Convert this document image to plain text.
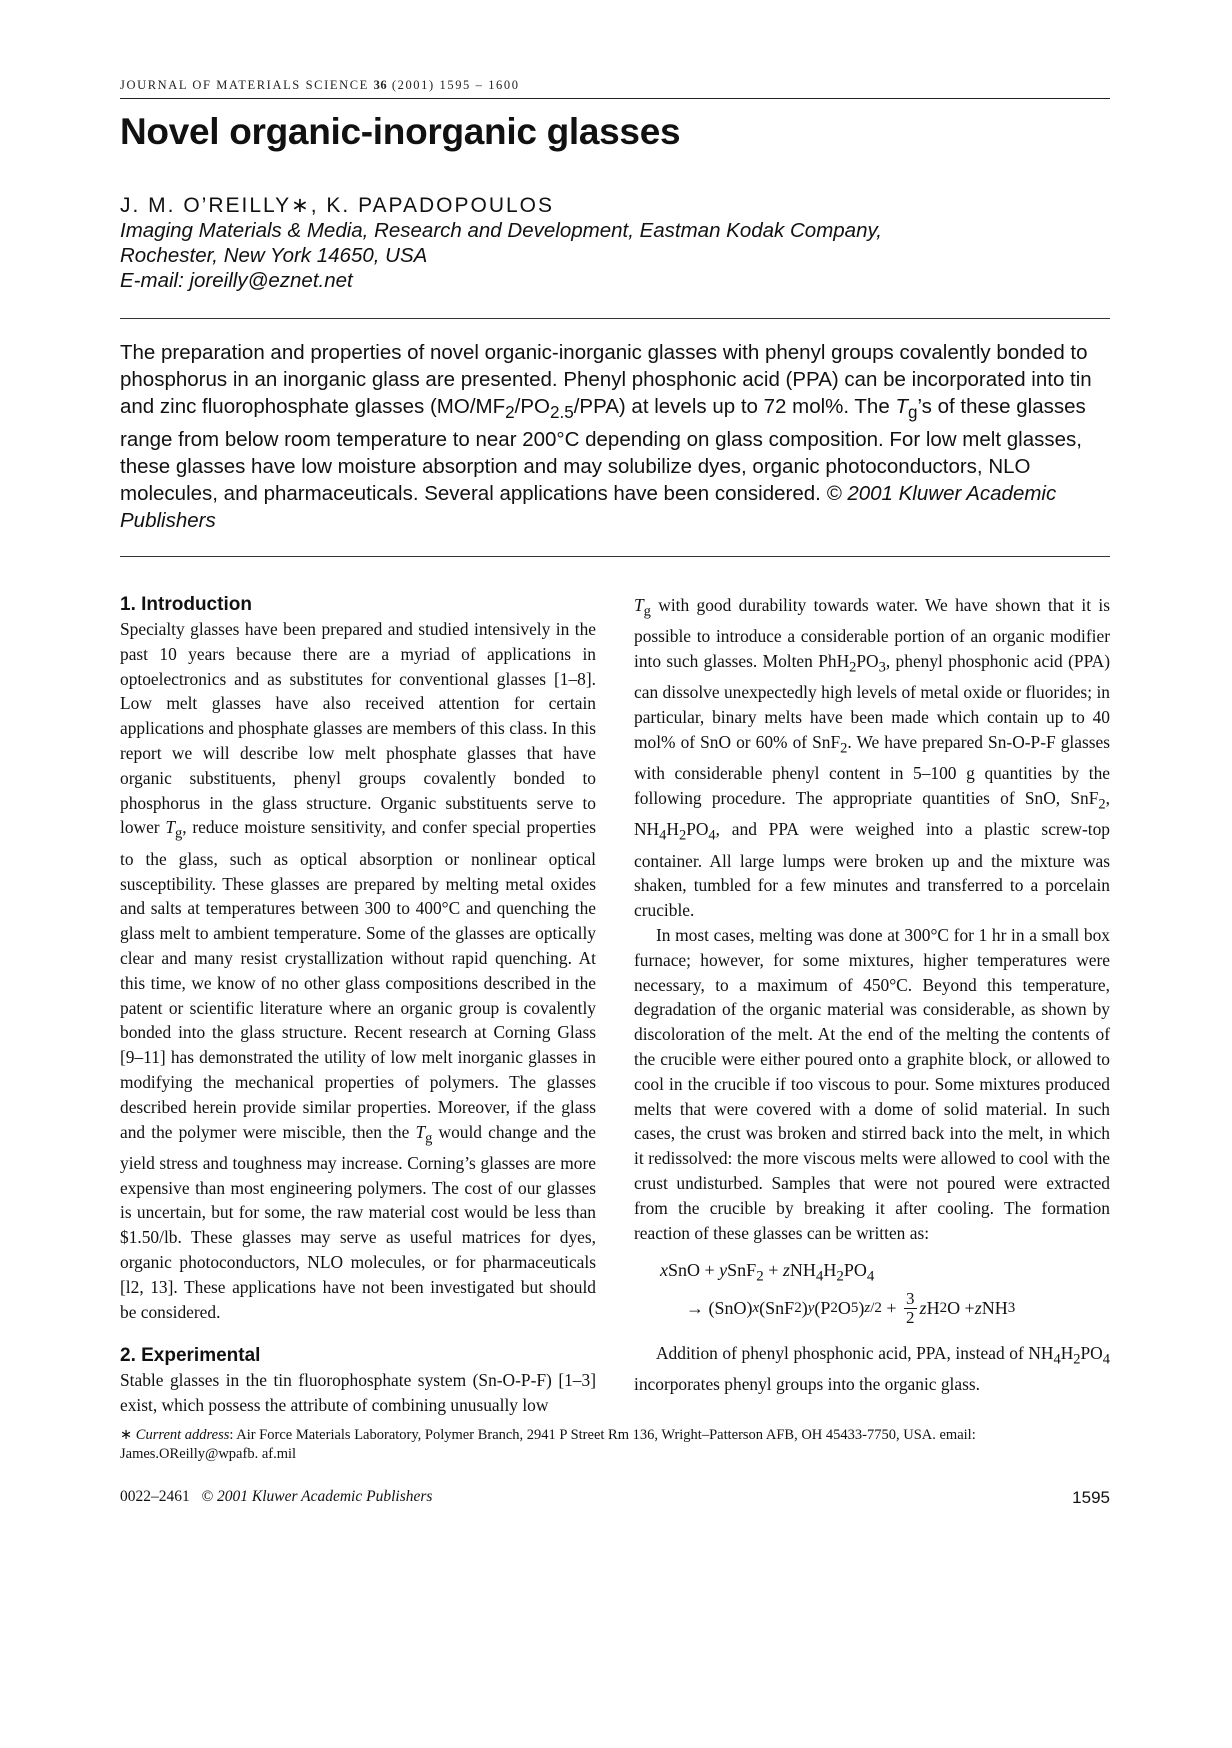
JOURNAL OF MATERIALS SCIENCE 36 (2001) 1595 – 1600
Novel organic-inorganic glasses
J. M. O’REILLY∗, K. PAPADOPOULOS
Imaging Materials & Media, Research and Development, Eastman Kodak Company,
Rochester, New York 14650, USA
E-mail: joreilly@eznet.net
The preparation and properties of novel organic-inorganic glasses with phenyl groups covalently bonded to phosphorus in an inorganic glass are presented. Phenyl phosphonic acid (PPA) can be incorporated into tin and zinc fluorophosphate glasses $(MO/MF_2/PO_{2.5}/PPA)$ at levels up to 72 mol%. The $T_g’s$ of these glasses range from below room temperature to near 200°C depending on glass composition. For low melt glasses, these glasses have low moisture absorption and may solubilize dyes, organic photoconductors, NLO molecules, and pharmaceuticals. Several applications have been considered. © 2001 Kluwer Academic Publishers
1. Introduction

Specialty glasses have been prepared and studied intensively in the past 10 years because there are a myriad of applications in optoelectronics and as substitutes for conventional glasses [1–8]. Low melt glasses have also received attention for certain applications and phosphate glasses are members of this class. In this report we will describe low melt phosphate glasses that have organic substituents, phenyl groups covalently bonded to phosphorus in the glass structure. Organic substituents serve to lower $T_g$, reduce moisture sensitivity, and confer special properties to the glass, such as optical absorption or nonlinear optical susceptibility. These glasses are prepared by melting metal oxides and salts at temperatures between 300 to 400°C and quenching the glass melt to ambient temperature. Some of the glasses are optically clear and many resist crystallization without rapid quenching. At this time, we know of no other glass compositions described in the patent or scientific literature where an organic group is covalently bonded into the glass structure. Recent research at Corning Glass [9–11] has demonstrated the utility of low melt inorganic glasses in modifying the mechanical properties of polymers. The glasses described herein provide similar properties. Moreover, if the glass and the polymer were miscible, then the $T_g$ would change and the yield stress and toughness may increase. Corning’s glasses are more expensive than most engineering polymers. The cost of our glasses is uncertain, but for some, the raw material cost would be less than $1.50/lb. These glasses may serve as useful matrices for dyes, organic photoconductors, NLO molecules, or for pharmaceuticals [l2, 13]. These applications have not been investigated but should be considered.

2. Experimental

Stable glasses in the tin fluorophosphate system (Sn-O-P-F) [1–3] exist, which possess the attribute of combining unusually low

$T_g$ with good durability towards water. We have shown that it is possible to introduce a considerable portion of an organic modifier into such glasses. Molten $PhH_2PO_3$, phenyl phosphonic acid (PPA) can dissolve unexpectedly high levels of metal oxide or fluorides; in particular, binary melts have been made which contain up to 40 mol% of SnO or 60% of SnF$_2$. We have prepared Sn-O-P-F glasses with considerable phenyl content in 5–100 g quantities by the following procedure. The appropriate quantities of SnO, SnF$_2$, $NH_4H_2PO_4$, and PPA were weighed into a plastic screw-top container. All large lumps were broken up and the mixture was shaken, tumbled for a few minutes and transferred to a porcelain crucible.

In most cases, melting was done at 300°C for 1 hr in a small box furnace; however, for some mixtures, higher temperatures were necessary, to a maximum of 450°C. Beyond this temperature, degradation of the organic material was considerable, as shown by discoloration of the melt. At the end of the melting the contents of the crucible were either poured onto a graphite block, or allowed to cool in the crucible if too viscous to pour. Some mixtures produced melts that were covered with a dome of solid material. In such cases, the crust was broken and stirred back into the melt, in which it redissolved: the more viscous melts were allowed to cool with the crust undisturbed. Samples that were not poured were extracted from the crucible by breaking it after cooling. The formation reaction of these glasses can be written as:

xSnO + ySnF$_2$ + $zNH_4H_2PO_4$
→ (SnO) x (SnF 2 ) y (P 2 O 5 ) $z/2 + \frac{3}{2}$ z H 2 O + z NH 3

Addition of phenyl phosphonic acid, PPA, instead of $NH_4H_2PO_4$ incorporates phenyl groups into the organic glass.

∗ Current address: Air Force Materials Laboratory, Polymer Branch, 2941 P Street Rm 136, Wright–Patterson AFB, OH 45433-7750, USA. email: James.OReilly@wpafb. af.mil
0022–2461 © 2001 Kluwer Academic Publishers	1595
